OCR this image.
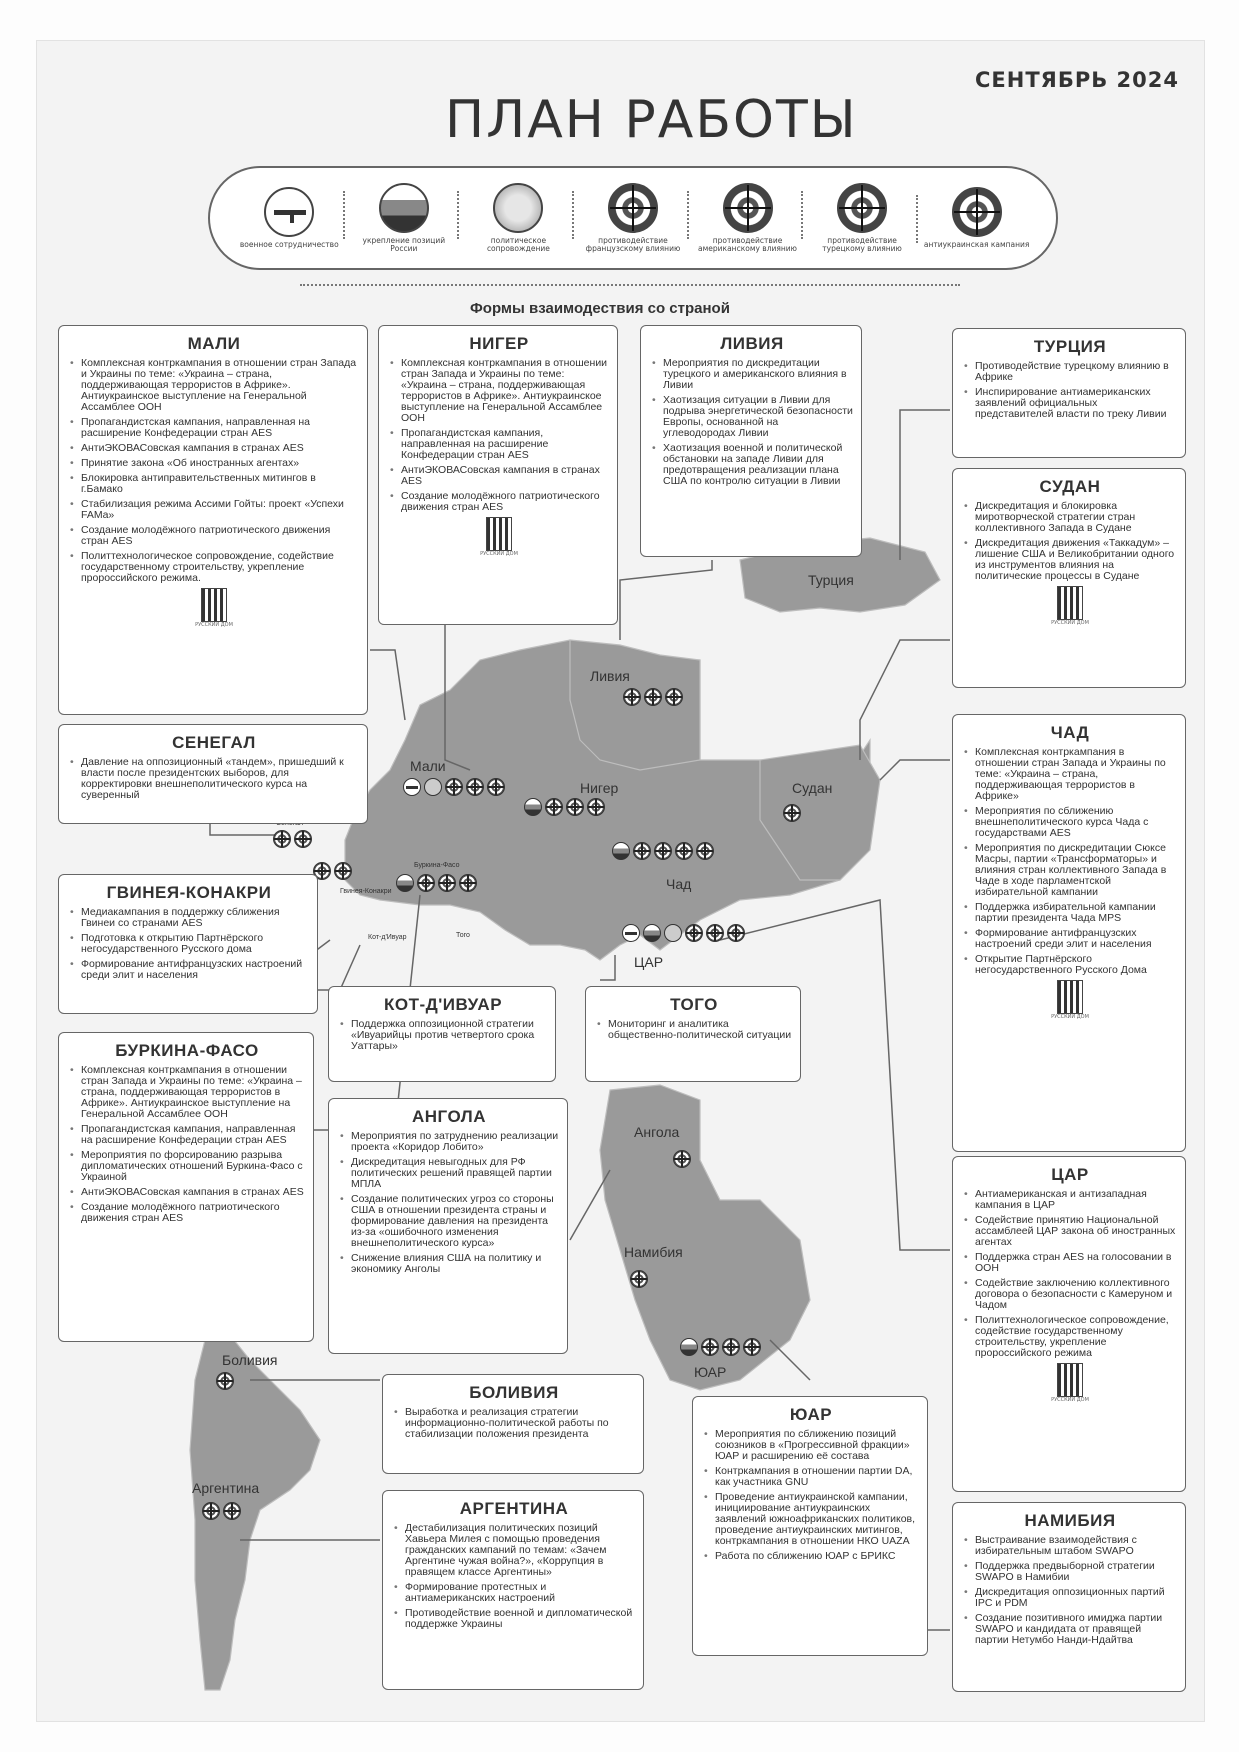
СЕНТЯБРЬ 2024
ПЛАН РАБОТЫ
военное сотрудничество	укрепление позиций России
политическое сопровождение
противодействие французскому влиянию
противодействие американскому влиянию
противодействие турецкому влиянию	антиукраинская кампания
Формы взаимодествия со страной
Турция
Ливия
Мали
Нигер	Судан
Чад
ЦАР
Гвинея-Конакри
Буркина-Фасо
Кот-д'Ивуар	Того
Ангола
Намибия
ЮАР
Боливия
Аргентина
МАЛИ
• Комплексная контркампания в отношении стран Запада и Украины по теме: «Украина – страна, поддерживающая террористов в Африке». Антиукраинское выступление на Генеральной Ассамблее ООН
• Пропагандистская кампания, направленная на расширение Конфедерации стран AES
• АнтиЭКОВАСовская кампания в странах AES
• Принятие закона «Об иностранных агентах»
• Блокировка антиправительственных митингов в г.Бамако
• Стабилизация режима Ассими Гойты: проект «Успехи FAMa»
• Создание молодёжного патриотического движения стран AES
• Политтехнологическое сопровождение, содействие государственному строительству, укрепление пророссийского режима.
РУССКИЙ ДОМ
НИГЕР
• Комплексная контркампания в отношении стран Запада и Украины по теме: «Украина – страна, поддерживающая террористов в Африке». Антиукраинское выступление на Генеральной Ассамблее ООН
• Пропагандистская кампания, направленная на расширение Конфедерации стран AES
• АнтиЭКОВАСовская кампания в странах AES
• Создание молодёжного патриотического движения стран AES
РУССКИЙ ДОМ
ЛИВИЯ
• Мероприятия по дискредитации турецкого и американского влияния в Ливии
• Хаотизация ситуации в Ливии для подрыва энергетической безопасности Европы, основанной на углеводородах Ливии
• Хаотизация военной и политической обстановки на западе Ливии для предотвращения реализации плана США по контролю ситуации в Ливии
ТУРЦИЯ
• Противодействие турецкому влиянию в Африке
• Инспирирование антиамериканских заявлений официальных представителей власти по треку Ливии
СУДАН
• Дискредитация и блокировка миротворческой стратегии стран коллективного Запада в Судане
• Дискредитация движения «Таккадум» – лишение США и Великобритании одного из инструментов влияния на политические процессы в Судане
РУССКИЙ ДОМ
СЕНЕГАЛ
• Давление на оппозиционный «тандем», пришедший к власти после президентских выборов, для корректировки внешнеполитического курса на суверенный
ГВИНЕЯ-КОНАКРИ
• Медиакампания в поддержку сближения Гвинеи со странами AES
• Подготовка к открытию Партнёрского негосударственного Русского дома
• Формирование антифранцузских настроений среди элит и населения
ЧАД
• Комплексная контркампания в отношении стран Запада и Украины по теме: «Украина – страна, поддерживающая террористов в Африке»
• Мероприятия по сближению внешнеполитического курса Чада с государствами AES
• Мероприятия по дискредитации Сюксе Масры, партии «Трансформаторы» и влияния стран коллективного Запада в Чаде в ходе парламентской избирательной кампании
• Поддержка избирательной кампании партии президента Чада MPS
• Формирование антифранцузских настроений среди элит и населения
• Открытие Партнёрского негосударственного Русского Дома
РУССКИЙ ДОМ
КОТ-Д'ИВУАР
• Поддержка оппозиционной стратегии «Ивуарийцы против четвертого срока Уаттары»
ТОГО
• Мониторинг и аналитика общественно-политической ситуации
БУРКИНА-ФАСО
• Комплексная контркампания в отношении стран Запада и Украины по теме: «Украина – страна, поддерживающая террористов в Африке». Антиукраинское выступление на Генеральной Ассамблее ООН
• Пропагандистская кампания, направленная на расширение Конфедерации стран AES
• Мероприятия по форсированию разрыва дипломатических отношений Буркина-Фасо с Украиной
• АнтиЭКОВАСовская кампания в странах AES
• Создание молодёжного патриотического движения стран AES
АНГОЛА
• Мероприятия по затруднению реализации проекта «Коридор Лобито»
• Дискредитация невыгодных для РФ политических решений правящей партии МПЛА
• Создание политических угроз со стороны США в отношении президента страны и формирование давления на президента из-за «ошибочного изменения внешнеполитического курса»
• Снижение влияния США на политику и экономику Анголы
ЦАР
• Антиамериканская и антизападная кампания в ЦАР
• Содействие принятию Национальной ассамблеей ЦАР закона об иностранных агентах
• Поддержка стран AES на голосовании в ООН
• Содействие заключению коллективного договора о безопасности с Камеруном и Чадом
• Политтехнологическое сопровождение, содействие государственному строительству, укрепление пророссийского режима
РУССКИЙ ДОМ
БОЛИВИЯ
• Выработка и реализация стратегии информационно-политической работы по стабилизации положения президента
ЮАР
• Мероприятия по сближению позиций союзников в «Прогрессивной фракции» ЮАР и расширению её состава
• Контркампания в отношении партии DA, как участника GNU
• Проведение антиукраинской кампании, инициирование антиукраинских заявлений южноафриканских политиков, проведение антиукраинских митингов, контркампания в отношении НКО UAZA
• Работа по сближению ЮАР с БРИКС
АРГЕНТИНА
• Дестабилизация политических позиций Хавьера Милея с помощью проведения гражданских кампаний по темам: «Зачем Аргентине чужая война?», «Коррупция в правящем классе Аргентины»
• Формирование протестных и антиамериканских настроений
• Противодействие военной и дипломатической поддержке Украины
НАМИБИЯ
• Выстраивание взаимодействия с избирательным штабом SWAPO
• Поддержка предвыборной стратегии SWAPO в Намибии
• Дискредитация оппозиционных партий IPC и PDM
• Создание позитивного имиджа партии SWAPO и кандидата от правящей партии Нетумбо Нанди-Ндайтва
